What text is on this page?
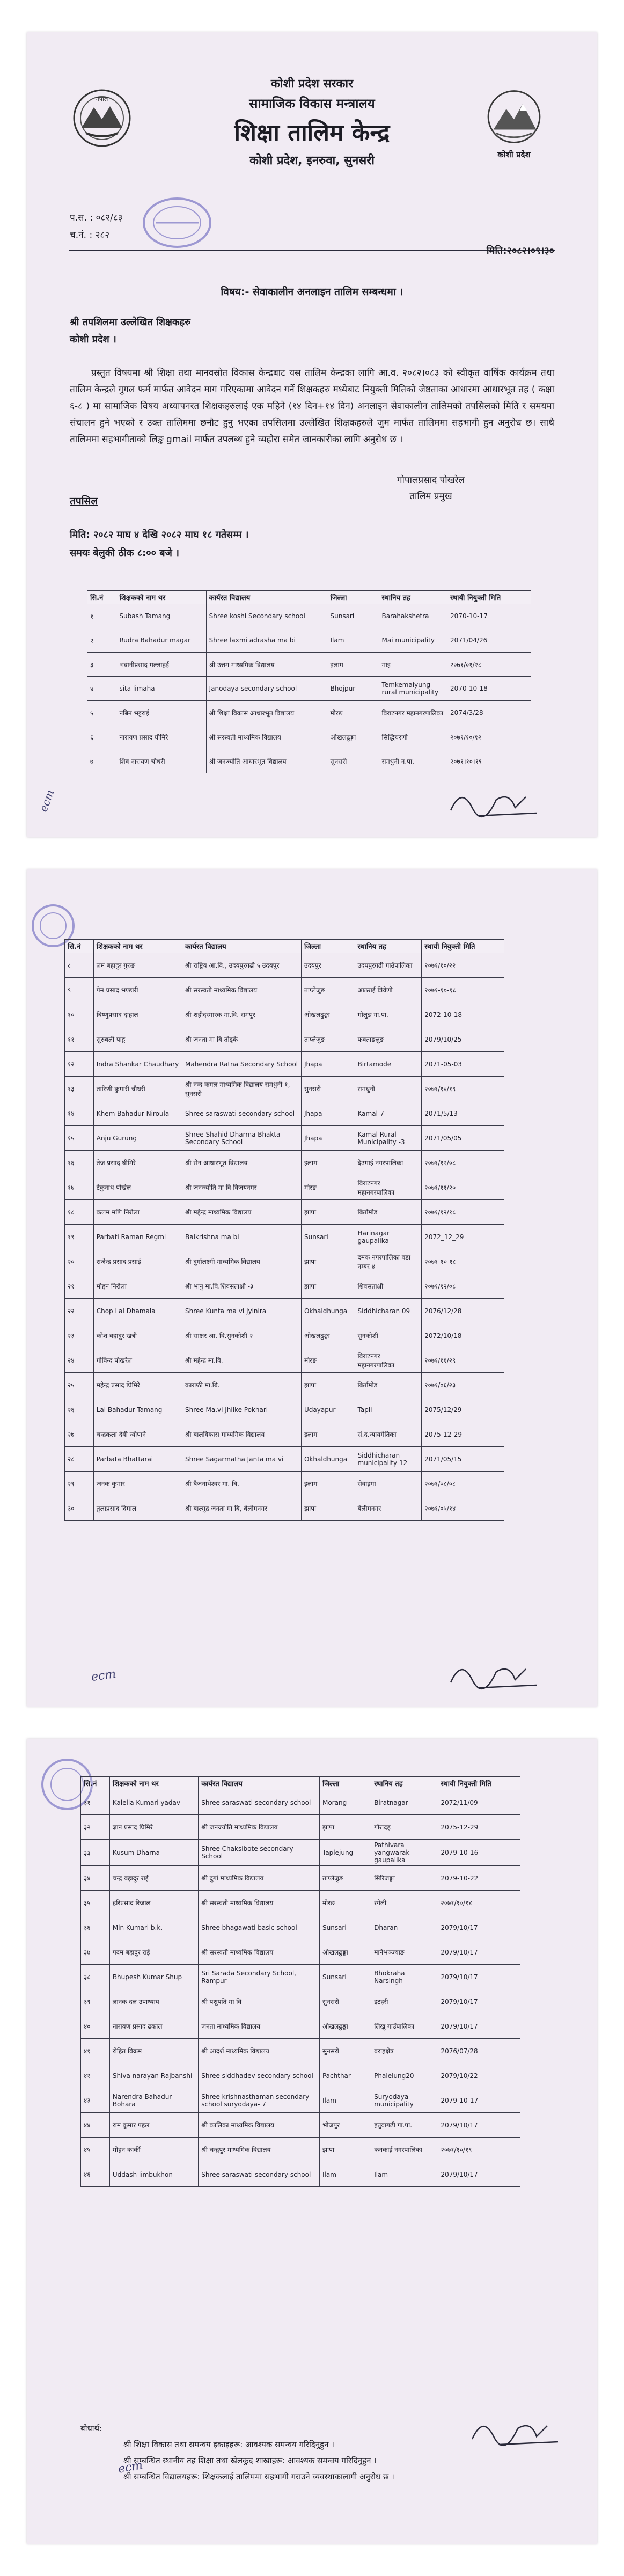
नेपाल
कोशी प्रदेश
कोशी प्रदेश सरकार
सामाजिक विकास मन्त्रालय
शिक्षा तालिम केन्द्र
कोशी प्रदेश, इनरुवा, सुनसरी
प.स. : ०८२/८३
च.नं. : २८२
मिति:२०८२।०९।३०
विषय:- सेवाकालीन अनलाइन तालिम सम्बन्धमा ।
श्री तपशिलमा उल्लेखित शिक्षकहरु
कोशी प्रदेश ।
प्रस्तुत विषयमा श्री शिक्षा तथा मानवस्रोत विकास केन्द्रबाट यस तालिम केन्द्रका लागि आ.व. २०८२।०८३ को स्वीकृत वार्षिक कार्यक्रम तथा तालिम केन्द्रले गुगल फर्म मार्फत आवेदन माग गरिएकामा आवेदन गर्ने शिक्षकहरु मध्येबाट नियुक्ती मितिको जेष्ठताका आधारमा आधारभूत तह ( कक्षा ६-८ ) मा सामाजिक विषय अध्यापनरत शिक्षकहरुलाई एक महिने (१४ दिन+१४ दिन) अनलाइन सेवाकालीन तालिमको तपसिलको मिति र समयमा संचालन हुने भएको र उक्त तालिममा छनौट हुनु भएका तपसिलमा उल्लेखित शिक्षकहरुले जुम मार्फत तालिममा सहभागी हुन अनुरोध छ। साथै तालिममा सहभागीताको लिङ्क gmail मार्फत उपलब्ध हुने व्यहोरा समेत जानकारीका लागि अनुरोध छ ।
गोपालप्रसाद पोखरेल
तालिम प्रमुख
तपसिल
मिति: २०८२ माघ ४ देखि २०८२ माघ १८ गतेसम्म ।
समयः बेलुकी ठीक ८:०० बजे ।
सि.नं	शिक्षकको नाम थर	कार्यरत विद्यालय	जिल्ला	स्थानिय तह	स्थायी नियुक्ती मिति
१	Subash Tamang	Shree koshi Secondary school	Sunsari	Barahakshetra	2070-10-17
२	Rudra Bahadur magar	Shree laxmi adrasha ma bi	Ilam	Mai municipality	2071/04/26
३	भवानीप्रसाद मल्लाहर्ई	श्री उत्तम माध्यमिक विद्यालय	इलाम	माइ	२०७१/०१/२८
४	sita limaha	Janodaya secondary school	Bhojpur	Temkemaiyung rural municipality	2070-10-18
५	नबिन भट्टराई	श्री शिक्षा विकास आधारभूत विद्यालय	मोरङ	विराटनगर महानगरपालिका	2074/3/28
६	नारायण प्रसाद घीमिरे	श्री सरस्वती माध्यमिक विद्यालय	ओखलढुङ्गा	सिद्धिचरणी	२०७१/१०/१२
७	शिव नारायण चौधरी	श्री जनज्योति आधारभूत विद्यालय	सुनसरी	रामधुनी न.पा.	२०७१।१०।१९
ecm
सि.नं	शिक्षकको नाम थर	कार्यरत विद्यालय	जिल्ला	स्थानिय तह	स्थायी नियुक्ती मिति
८	लम बहादुर गुरुङ	श्री राष्ट्रिय आ.वि., उदयपुरगढी ५ उदयपुर	उदयपुर	उदयपुरगढी गाउँपालिका	२०७१/१०/२२
९	पेम प्रसाद भण्डारी	श्री सरस्वती माध्यमिक विद्यालय	ताप्लेजुङ	आठराई त्रिवेणी	२०७१-१०-१८
१०	बिष्णुप्रसाद दाहाल	श्री शहीदस्मारक मा.वि. रामपुर	ओखलढुङ्गा	मोलुङ गा.पा.	2072-10-18
११	सुरुबली पाड्ड	श्री जनता मा बि तोड्के	ताप्लेजुङ	फक्ताङलुङ	2079/10/25
१२	Indra Shankar Chaudhary	Mahendra Ratna Secondary School	Jhapa	Birtamode	2071-05-03
१३	तारिणी कुमारी चौधरी	श्री नन्द कमल माध्यमिक विद्यालय रामधुनी-१, सुनसरी	सुनसरी	रामधुनी	२०७१/१०/१९
१४	Khem Bahadur Niroula	Shree saraswati secondary school	Jhapa	Kamal-7	2071/5/13
१५	Anju Gurung	Shree Shahid Dharma Bhakta Secondary School	Jhapa	Kamal Rural Municipality -3	2071/05/05
१६	तेज प्रसाद घीमिरे	श्री सेन आधारभूत विद्यालय	इलाम	देउमाई नगरपालिका	२०७१/१२/०८
१७	टेकुनाथ पोखेल	श्री जनज्योति मा वि विजयनगर	मोरङ	विराटनगर महानगरपालिका	२०७१/११/२०
१८	कलम मणि निरौला	श्री महेन्द्र माध्यमिक विद्यालय	झापा	बिर्तामोड	२०७१/१२/१८
१९	Parbati Raman Regmi	Balkrishna ma bi	Sunsari	Harinagar gaupalika	2072_12_29
२०	राजेन्द्र प्रसाद प्रसाई	श्री दुर्गालक्ष्मी माध्यमिक विद्यालय	झापा	दमक नगरपालिका वडा नम्बर ४	२०७१-१०-१८
२१	मोहन निरौला	श्री भानु मा.वि.शिवसताक्षी -३	झापा	शिवसताक्षी	२०७१/१२/०८
२२	Chop Lal Dhamala	Shree Kunta ma vi Jyinira	Okhaldhunga	Siddhicharan 09	2076/12/28
२३	कोश बहादुर खत्री	श्री साक्षर आ. वि.सुनकोशी-२	ओखलढुङ्गा	सुनकोशी	2072/10/18
२४	गोविन्द पोखरेल	श्री महेन्द्र मा.वि.	मोरङ	विराटनगर महानगरपालिका	२०७१/११/२९
२५	महेन्द्र प्रसाद घिमिरे	कारण्ठी मा.बि.	झापा	बिर्तामोड	२०७१/०६/२३
२६	Lal Bahadur Tamang	Shree Ma.vi Jhilke Pokhari	Udayapur	Tapli	2075/12/29
२७	चन्द्रकला देवी न्यौपाने	श्री बालविकास माध्यमिक विद्यालय	इलाम	सं.द.न्यायमेतिका	2075-12-29
२८	Parbata Bhattarai	Shree Sagarmatha Janta ma vi	Okhaldhunga	Siddhicharan municipality 12	2071/05/15
२९	जनक कुमार	श्री बैजनाथेश्वर मा. बि.	इलाम	सेवाइमा	२०७१/०८/०८
३०	तुलाप्रसाद दिमाल	श्री बाल्मुद्र जनता मा बि, बेलीमनगर	झापा	बेलीमनगर	२०७१/०५/१४
ecm
सि.नं	शिक्षकको नाम थर	कार्यरत विद्यालय	जिल्ला	स्थानिय तह	स्थायी नियुक्ती मिति
३१	Kalella Kumari yadav	Shree saraswati secondary school	Morang	Biratnagar	2072/11/09
३२	ज्ञान प्रसाद घिमिरे	श्री जनज्योति माध्यमिक विद्यालय	झापा	गौरादह	2075-12-29
३३	Kusum Dharna	Shree Chaksibote secondary School	Taplejung	Pathivara yangwarak gaupalika	2079-10-16
३४	चन्द्र बहादुर राई	श्री दुर्गा माध्यमिक विद्यालय	ताप्लेजुङ	सिरिजङ्घा	2079-10-22
३५	हरिप्रसाद रिजाल	श्री सरस्वती माध्यमिक विद्यालय	मोरङ	रंगेली	२०७१/१०/१४
३६	Min Kumari b.k.	Shree bhagawati basic school	Sunsari	Dharan	2079/10/17
३७	पदम बहादुर राई	श्री सरस्वती माध्यमिक विद्यालय	ओखलढुङ्गा	मानेभञ्ज्याङ	2079/10/17
३८	Bhupesh Kumar Shup	Sri Sarada Secondary School, Rampur	Sunsari	Bhokraha Narsingh	2079/10/17
३९	ज्ञानक दल उपाध्याय	श्री पशुपति मा वि	सुनसरी	इटहरी	2079/10/17
४०	नारायण प्रसाद ढकाल	जनता माध्यमिक विद्यालय	ओखलढुङ्गा	लिखु गाउँपालिका	2079/10/17
४१	रोहित विक्रम	श्री आदर्श माध्यमिक विद्यालय	सुनसरी	बराहक्षेत्र	2076/07/28
४२	Shiva narayan Rajbanshi	Shree siddhadev secondary school	Pachthar	Phalelung20	2079/10/22
४३	Narendra Bahadur Bohara	Shree krishnasthaman secondary school suryodaya- 7	Ilam	Suryodaya municipality	2079-10-17
४४	राम कुमार पहल	श्री कालिका माध्यमिक विद्यालय	भोजपुर	हतुवागढी गा.पा.	2079/10/17
४५	मोहन कार्की	श्री चन्द्रपुर माध्यमिक विद्यालय	झापा	कनकाई नगरपालिका	२०७१/१०/१९
४६	Uddash limbukhon	Shree saraswati secondary school	Ilam	Ilam	2079/10/17
बोधार्थ:
श्री शिक्षा विकास तथा समन्वय इकाइहरू: आवश्यक समन्वय गरिदिनुहुन ।
श्री सम्बन्धित स्थानीय तह शिक्षा तथा खेलकुद शाखाहरू: आवश्यक समन्वय गरिदिनुहुन ।
श्री सम्बन्धित विद्यालयहरू: शिक्षकलाई तालिममा सहभागी गराउने व्यवस्थाकालागी अनुरोध छ ।
ecm
